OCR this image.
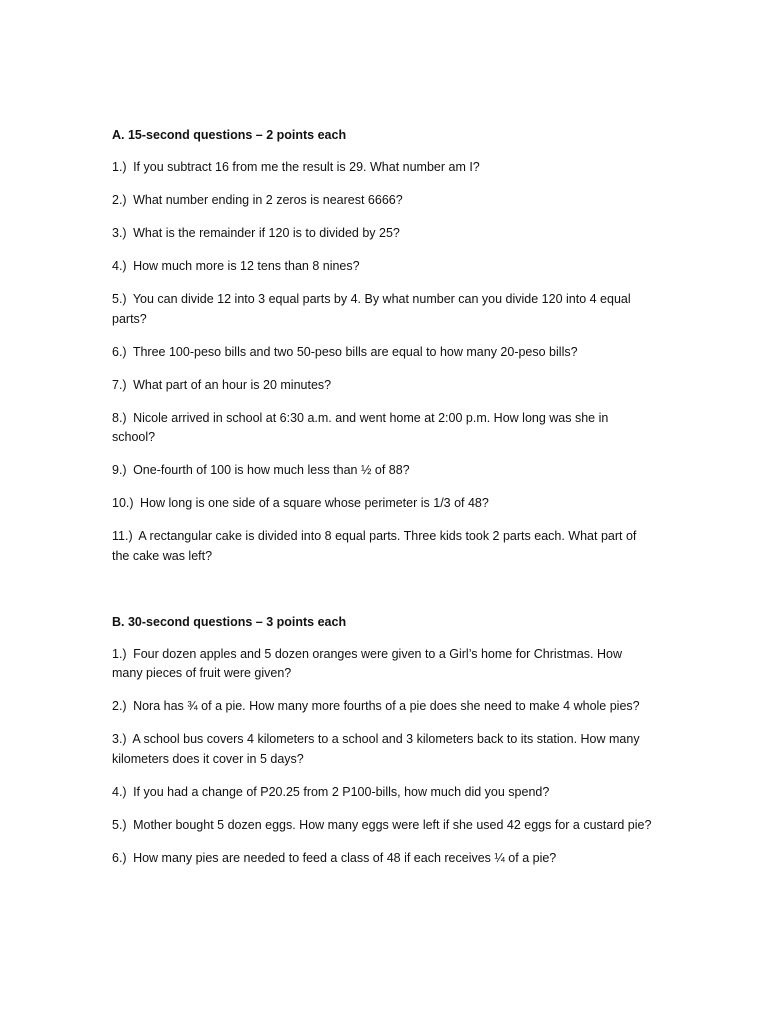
A. 15-second questions – 2 points each
1.) If you subtract 16 from me the result is 29. What number am I?
2.) What number ending in 2 zeros is nearest 6666?
3.) What is the remainder if 120 is to divided by 25?
4.) How much more is 12 tens than 8 nines?
5.) You can divide 12 into 3 equal parts by 4. By what number can you divide 120 into 4 equal parts?
6.) Three 100-peso bills and two 50-peso bills are equal to how many 20-peso bills?
7.) What part of an hour is 20 minutes?
8.) Nicole arrived in school at 6:30 a.m. and went home at 2:00 p.m. How long was she in school?
9.) One-fourth of 100 is how much less than ½ of 88?
10.) How long is one side of a square whose perimeter is 1/3 of 48?
11.) A rectangular cake is divided into 8 equal parts. Three kids took 2 parts each. What part of the cake was left?
B. 30-second questions – 3 points each
1.) Four dozen apples and 5 dozen oranges were given to a Girl’s home for Christmas. How many pieces of fruit were given?
2.) Nora has ¾ of a pie. How many more fourths of a pie does she need to make 4 whole pies?
3.) A school bus covers 4 kilometers to a school and 3 kilometers back to its station. How many kilometers does it cover in 5 days?
4.) If you had a change of P20.25 from 2 P100-bills, how much did you spend?
5.) Mother bought 5 dozen eggs. How many eggs were left if she used 42 eggs for a custard pie?
6.) How many pies are needed to feed a class of 48 if each receives ¼ of a pie?
